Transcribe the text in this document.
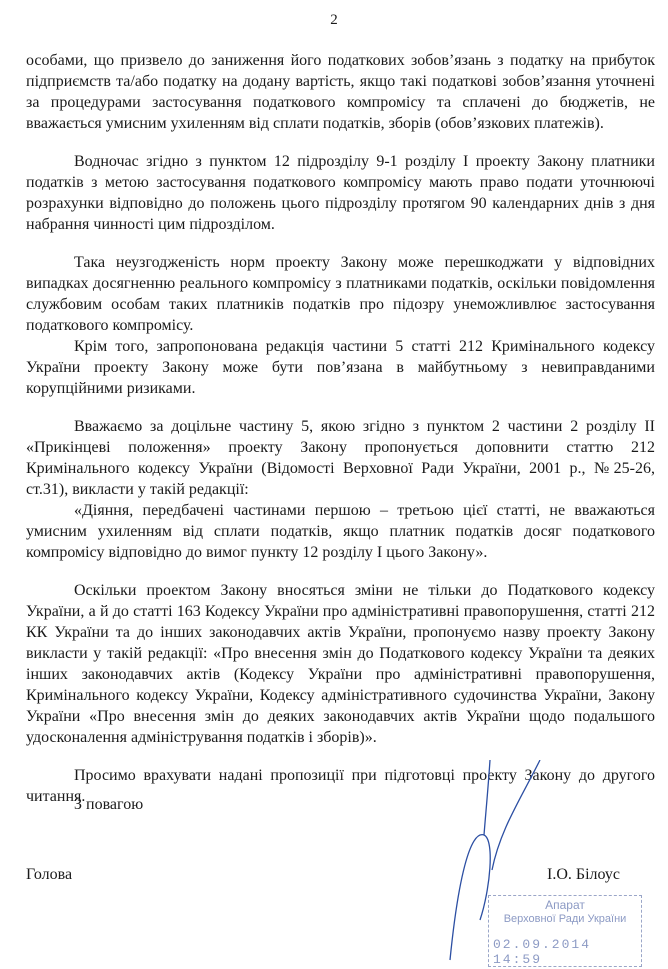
2

особами, що призвело до заниження його податкових зобов’язань з податку на прибуток підприємств та/або податку на додану вартість, якщо такі податкові зобов’язання уточнені за процедурами застосування податкового компромісу та сплачені до бюджетів, не вважається умисним ухиленням від сплати податків, зборів (обов’язкових платежів).

Водночас згідно з пунктом 12 підрозділу 9-1 розділу І проекту Закону платники податків з метою застосування податкового компромісу мають право подати уточнюючі розрахунки відповідно до положень цього підрозділу протягом 90 календарних днів з дня набрання чинності цим підрозділом.

Така неузгодженість норм проекту Закону може перешкоджати у відповідних випадках досягненню реального компромісу з платниками податків, оскільки повідомлення службовим особам таких платників податків про підозру унеможливлює застосування податкового компромісу.

Крім того, запропонована редакція частини 5 статті 212 Кримінального кодексу України проекту Закону може бути пов’язана в майбутньому з невиправданими корупційними ризиками.

Вважаємо за доцільне частину 5, якою згідно з пунктом 2 частини 2 розділу ІІ «Прикінцеві положення» проекту Закону пропонується доповнити статтю 212 Кримінального кодексу України (Відомості Верховної Ради України, 2001 р., №25-26, ст.31), викласти у такій редакції:

«Діяння, передбачені частинами першою – третьою цієї статті, не вважаються умисним ухиленням від сплати податків, якщо платник податків досяг податкового компромісу відповідно до вимог пункту 12 розділу І цього Закону».

Оскільки проектом Закону вносяться зміни не тільки до Податкового кодексу України, а й до статті 163 Кодексу України про адміністративні правопорушення, статті 212 КК України та до інших законодавчих актів України, пропонуємо назву проекту Закону викласти у такій редакції: «Про внесення змін до Податкового кодексу України та деяких інших законодавчих актів (Кодексу України про адміністративні правопорушення, Кримінального кодексу України, Кодексу адміністративного судочинства України, Закону України «Про внесення змін до деяких законодавчих актів України щодо подальшого удосконалення адміністрування податків і зборів)».

Просимо врахувати надані пропозиції при підготовці проекту Закону до другого читання.

З повагою
Голова	І.О. Білоус
Апарат
Верховної Ради України
02.09.2014 14:59
